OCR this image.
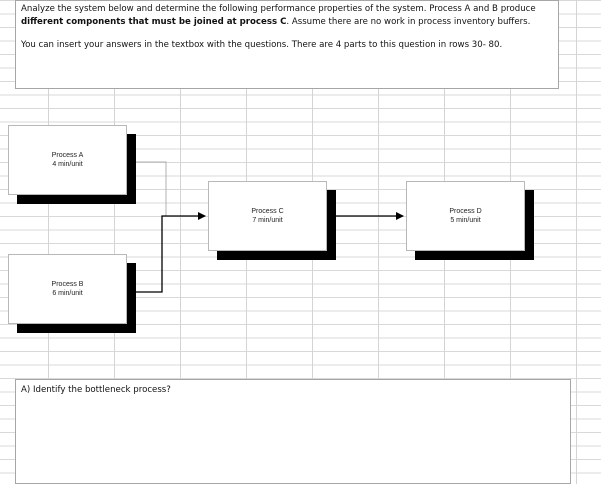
Analyze the system below and determine the following performance properties of the system. Process A and B produce different components that must be joined at process C. Assume there are no work in process inventory buffers.

You can insert your answers in the textbox with the questions. There are 4 parts to this question in rows 30- 80.

Process A
4 min/unit
Process B
6 min/unit
Process C
7 min/unit
Process D
5 min/unit

A) Identify the bottleneck process?
